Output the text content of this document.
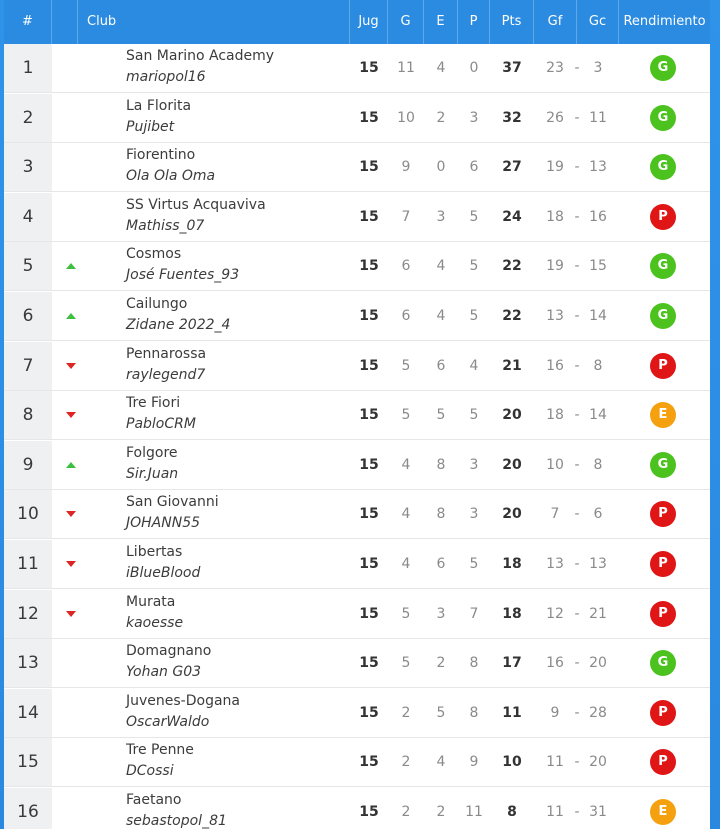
#	Club	Jug	G	E	P	Pts	Gf	Gc	Rendimiento
1
San Marino Academy
mariopol16
15	11	4	0	37	23 -	3	G
2
La Florita
Pujibet
15	10	2	3	32	26 - 11	G
3
Fiorentino
Ola Ola Oma
15	9	0	6	27	19 - 13	G
4
SS Virtus Acquaviva
Mathiss_07
15	7	3	5	24	18 - 16	P
5
Cosmos
José Fuentes_93
15	6	4	5	22	19 - 15	G
6
Cailungo
Zidane 2022_4
15	6	4	5	22	13 - 14	G
7
Pennarossa
raylegend7
15	5	6	4	21	16 -	8	P
8
Tre Fiori
PabloCRM
15	5	5	5	20	18 - 14	E
9
Folgore
Sir.Juan
15	4	8	3	20	10 -	8	G
10
San Giovanni
JOHANN55
15	4	8	3	20	7	-	6	P
11
Libertas
iBlueBlood
15	4	6	5	18	13 - 13	P
12
Murata
kaoesse
15	5	3	7	18	12 - 21	P
13
Domagnano
Yohan G03
15	5	2	8	17	16 - 20	G
14
Juvenes-Dogana
OscarWaldo
15	2	5	8	11	9	- 28	P
15
Tre Penne
DCossi
15	2	4	9	10	11 - 20	P
16
Faetano
sebastopol_81
15	2	2	11	8	11 - 31	E
